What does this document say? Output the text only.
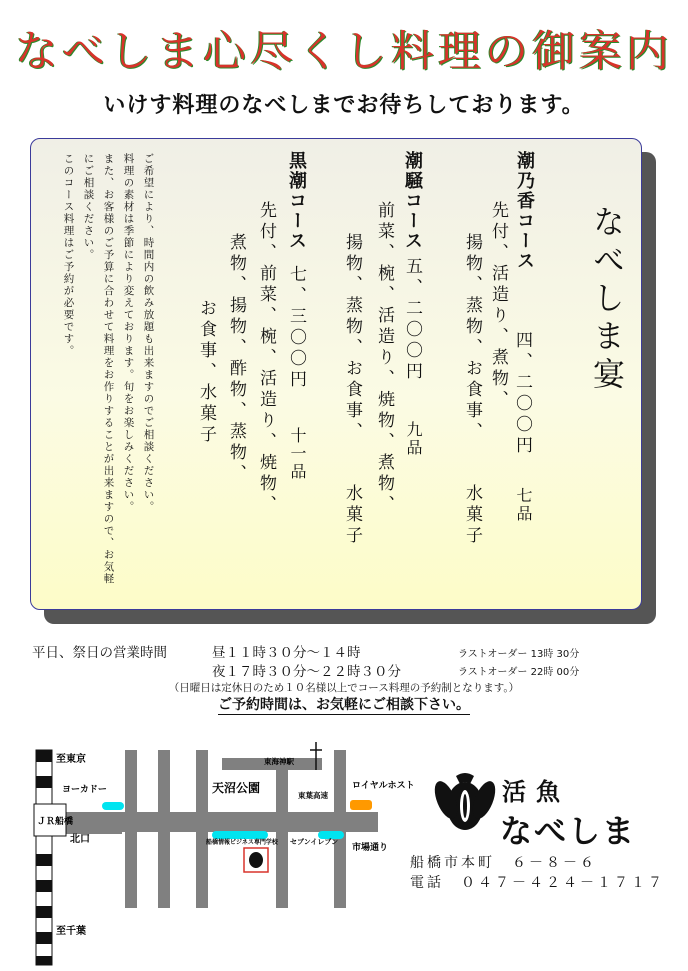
なべしま心尽くし料理の御案内
いけす料理のなべしまでお待ちしております。
なべしま宴
潮乃香コース
先付、活造り、煮物、 四、二〇〇円
七品
揚物、蒸物、お食事、
水菓子
潮騒コース
五、二〇〇円
九品
前菜、椀、活造り、焼物、煮物、
揚物、蒸物、お食事、
水菓子
黒潮コース
七、三〇〇円
十一品
先付、前菜、椀、活造り、焼物、
煮物、揚物、酢物、蒸物、
お食事、水菓子
ご希望により、時間内の飲み放題も出来ますのでご相談ください。
料理の素材は季節により変えております。旬をお楽しみください。
また、お客様のご予算に合わせて料理をお作りすることが出来ますので、お気軽
にご相談ください。
このコース料理はご予約が必要です。
平日、祭日の営業時間	昼１１時３０分～１４時
夜１７時３０分～２２時３０分
ラストオーダー 13時 30分
ラストオーダー 22時 00分
（日曜日は定休日のため１０名様以上でコース料理の予約制となります。）
ご予約時間は、お気軽にご相談下さい。
至東京
至千葉
ＪＲ船橋
北口
ヨーカドー	天沼公園
東海神駅
東葉高速
ロイヤルホスト
船橋情報ビジネス専門学校 セブンイレブン
市場通り
活魚
なべしま
船橋市本町　６－８－６
電話　０４７－４２４－１７１７
